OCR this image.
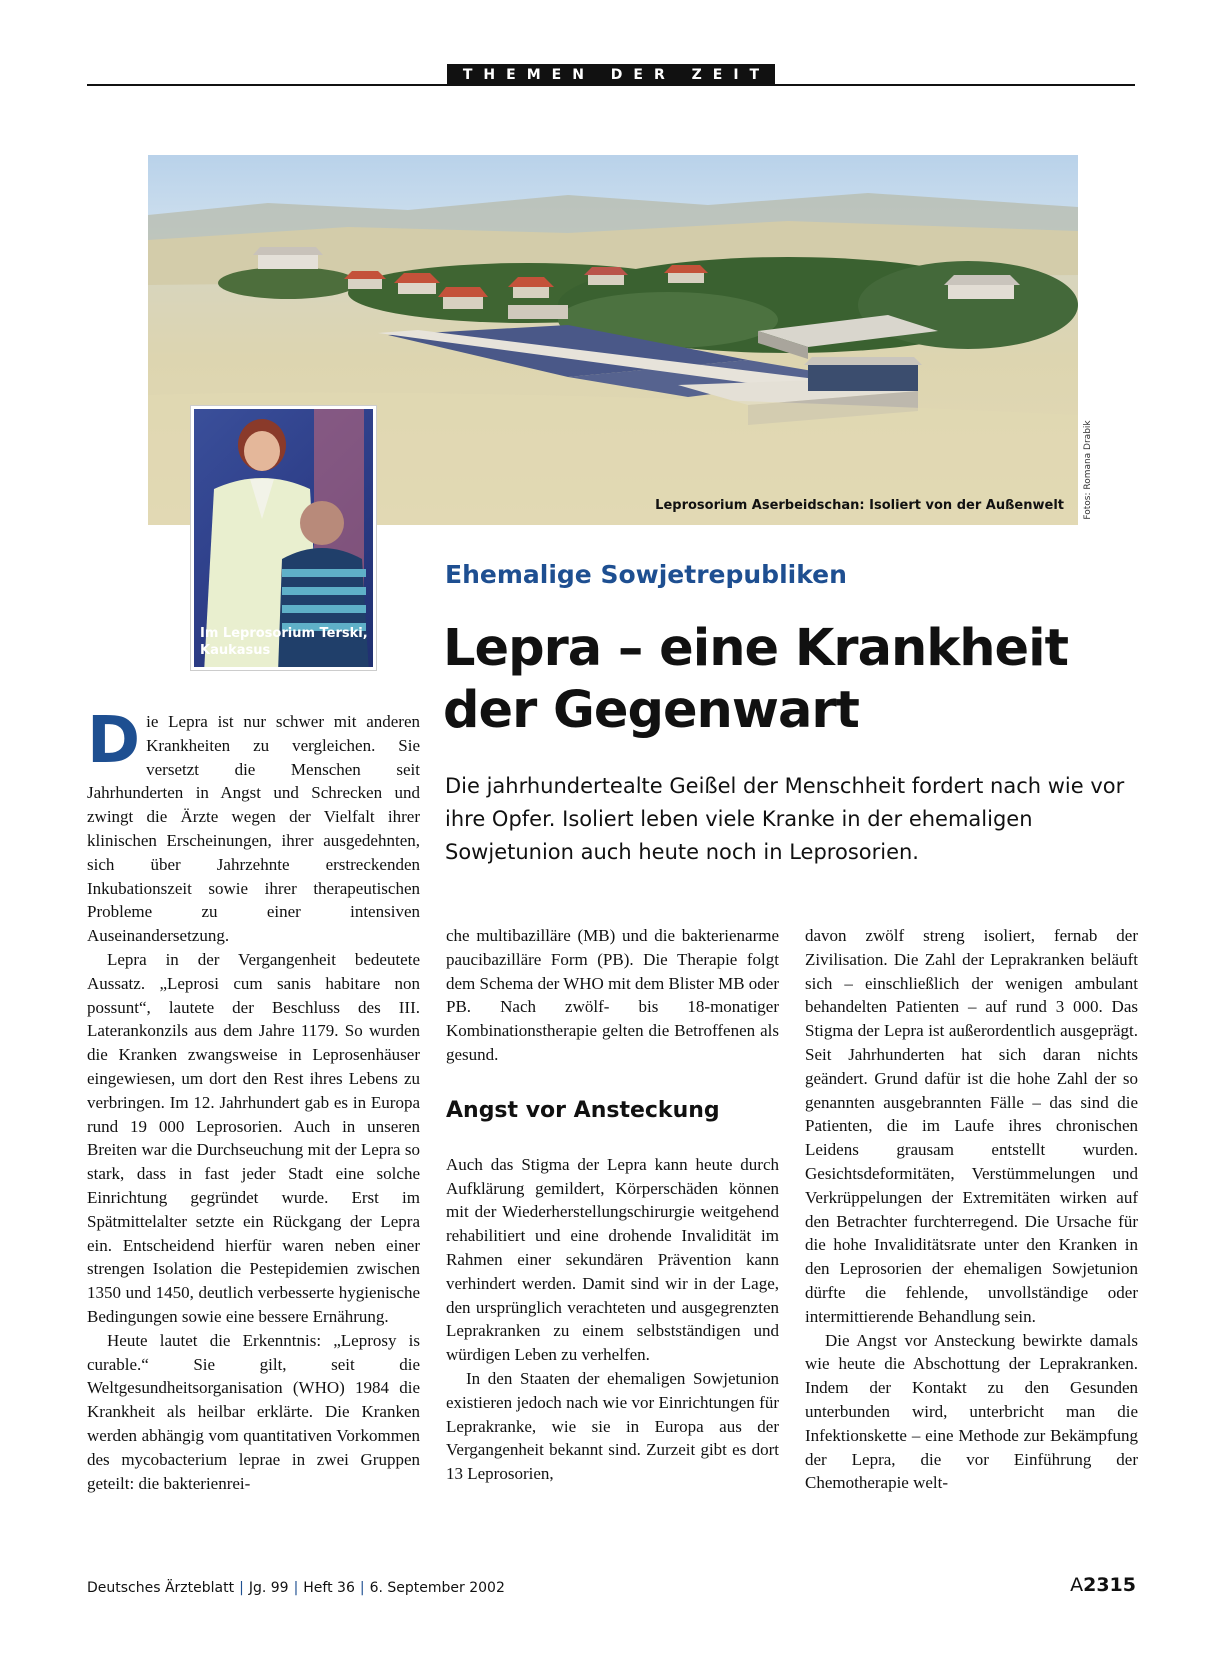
THEMEN DER ZEIT
Leprosorium Aserbeidschan: Isoliert von der Außenwelt Fotos: Romana Drabik
Im Leprosorium Terski,
Kaukasus
Ehemalige Sowjetrepubliken
Lepra – eine Krankheit
der Gegenwart
Die jahrhundertealte Geißel der Menschheit fordert nach wie vor ihre Opfer. Isoliert leben viele Kranke in der ehemaligen Sowjetunion auch heute noch in Leprosorien.

Die Lepra ist nur schwer mit anderen Krankheiten zu vergleichen. Sie versetzt die Menschen seit Jahrhunderten in Angst und Schrecken und zwingt die Ärzte wegen der Vielfalt ihrer klinischen Erscheinungen, ihrer ausgedehnten, sich über Jahrzehnte erstreckenden Inkubationszeit sowie ihrer therapeutischen Probleme zu einer intensiven Auseinandersetzung.

Lepra in der Vergangenheit bedeutete Aussatz. „Leprosi cum sanis habitare non possunt“, lautete der Beschluss des III. Laterankonzils aus dem Jahre 1179. So wurden die Kranken zwangsweise in Leprosenhäuser eingewiesen, um dort den Rest ihres Lebens zu verbringen. Im 12. Jahrhundert gab es in Europa rund 19 000 Leprosorien. Auch in unseren Breiten war die Durchseuchung mit der Lepra so stark, dass in fast jeder Stadt eine solche Einrichtung gegründet wurde. Erst im Spätmittelalter setzte ein Rückgang der Lepra ein. Entscheidend hierfür waren neben einer strengen Isolation die Pestepidemien zwischen 1350 und 1450, deutlich verbesserte hygienische Bedingungen sowie eine bessere Ernährung.

Heute lautet die Erkenntnis: „Leprosy is curable.“ Sie gilt, seit die Weltgesundheitsorganisation (WHO) 1984 die Krankheit als heilbar erklärte. Die Kranken werden abhängig vom quantitativen Vorkommen des mycobacterium leprae in zwei Gruppen geteilt: die bakterienrei-

che multibazilläre (MB) und die bakterienarme paucibazilläre Form (PB). Die Therapie folgt dem Schema der WHO mit dem Blister MB oder PB. Nach zwölf- bis 18-monatiger Kombinationstherapie gelten die Betroffenen als gesund.

Angst vor Ansteckung

Auch das Stigma der Lepra kann heute durch Aufklärung gemildert, Körperschäden können mit der Wiederherstellungschirurgie weitgehend rehabilitiert und eine drohende Invalidität im Rahmen einer sekundären Prävention kann verhindert werden. Damit sind wir in der Lage, den ursprünglich verachteten und ausgegrenzten Leprakranken zu einem selbstständigen und würdigen Leben zu verhelfen.

In den Staaten der ehemaligen Sowjetunion existieren jedoch nach wie vor Einrichtungen für Leprakranke, wie sie in Europa aus der Vergangenheit bekannt sind. Zurzeit gibt es dort 13 Leprosorien,

davon zwölf streng isoliert, fernab der Zivilisation. Die Zahl der Leprakranken beläuft sich – einschließlich der wenigen ambulant behandelten Patienten – auf rund 3 000. Das Stigma der Lepra ist außerordentlich ausgeprägt. Seit Jahrhunderten hat sich daran nichts geändert. Grund dafür ist die hohe Zahl der so genannten ausgebrannten Fälle – das sind die Patienten, die im Laufe ihres chronischen Leidens grausam entstellt wurden. Gesichtsdeformitäten, Verstümmelungen und Verkrüppelungen der Extremitäten wirken auf den Betrachter furchterregend. Die Ursache für die hohe Invaliditätsrate unter den Kranken in den Leprosorien der ehemaligen Sowjetunion dürfte die fehlende, unvollständige oder intermittierende Behandlung sein.

Die Angst vor Ansteckung bewirkte damals wie heute die Abschottung der Leprakranken. Indem der Kontakt zu den Gesunden unterbunden wird, unterbricht man die Infektionskette – eine Methode zur Bekämpfung der Lepra, die vor Einführung der Chemotherapie welt-

Deutsches Ärzteblatt | Jg. 99 | Heft 36 | 6. September 2002	A2315
